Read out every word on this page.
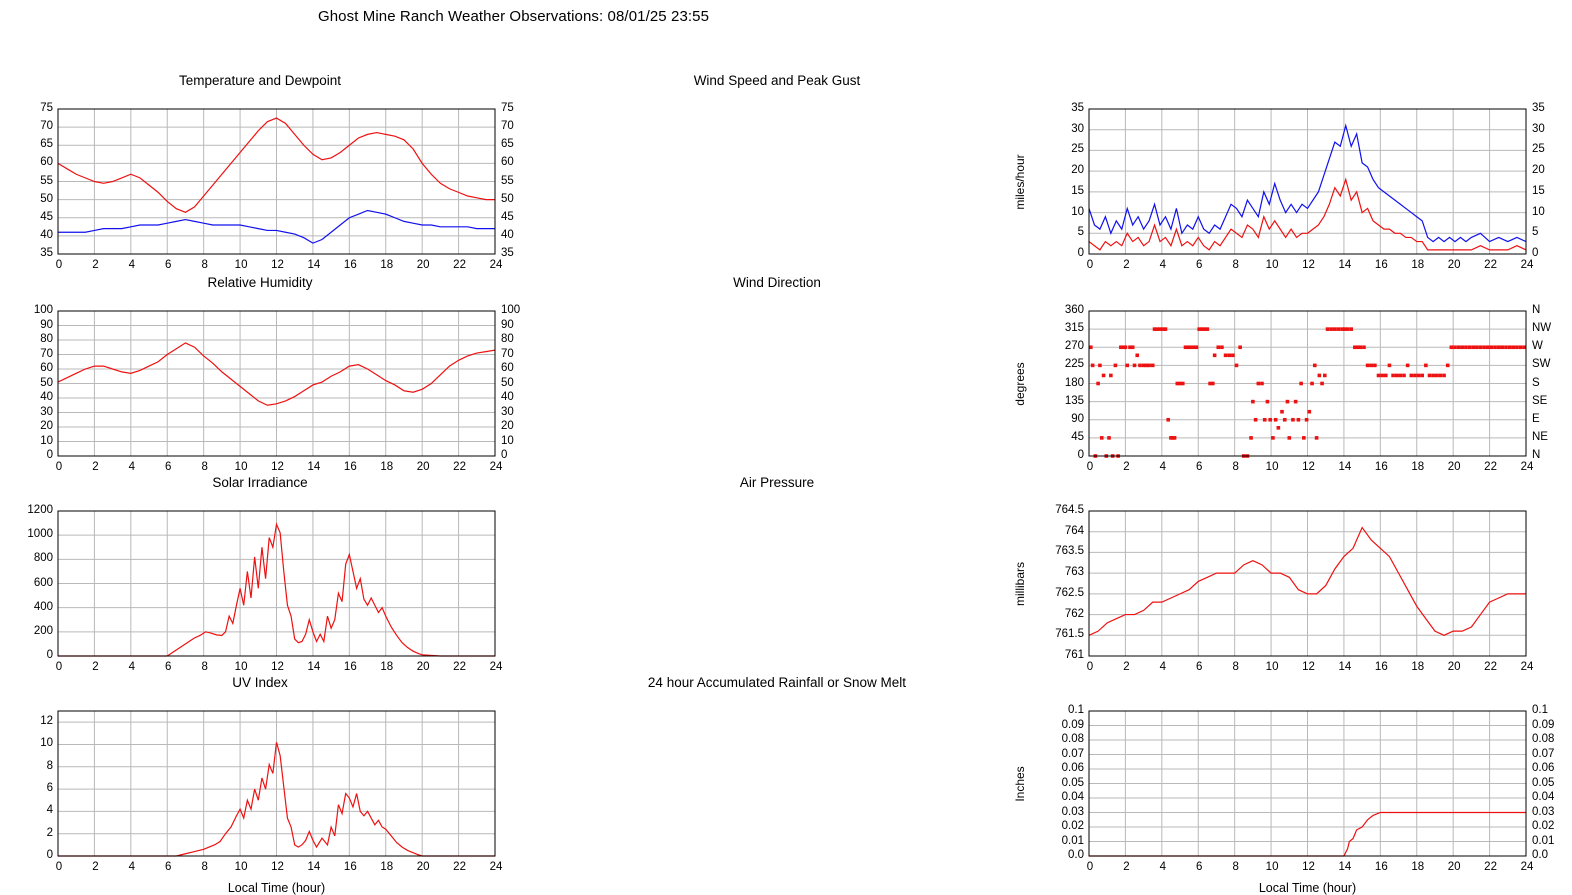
Ghost Mine Ranch Weather Observations: 08/01/25 23:55
Temperature and Dewpoint
35
40
45
50
55
60
65
70
75
35
40
45
50
55
60
65
70
75
0	2	4	6	8	10	12	14	16	18	20	22	24
Wind Speed and Peak Gust
0
5
10
15
20
25
30
35
0
5
10
15
20
25
30
35
0	2	4	6	8	10	12	14	16	18	20	22	24
miles/hour
Relative Humidity
0
10
20
30
40
50
60
70
80
90
100
0
10
20
30
40
50
60
70
80
90
100
0	2	4	6	8	10	12	14	16	18	20	22	24
Wind Direction
0
45
90
135
180
225
270
315
360
N
NE
E
SE
S
SW
W
NW
N
0	2	4	6	8	10	12	14	16	18	20	22	24
degrees
Solar Irradiance
0
200
400
600
800
1000
1200
0	2	4	6	8	10	12	14	16	18	20	22	24
Air Pressure
761
761.5
762
762.5
763
763.5
764
764.5
0	2	4	6	8	10	12	14	16	18	20	22	24
millibars
UV Index
0
2
4
6
8
10
12
0	2	4	6	8	10	12	14	16	18	20	22	24
Local Time (hour)
24 hour Accumulated Rainfall or Snow Melt
0.0
0.01
0.02
0.03
0.04
0.05
0.06
0.07
0.08
0.09
0.1
0.0
0.01
0.02
0.03
0.04
0.05
0.06
0.07
0.08
0.09
0.1
0	2	4	6	8	10	12	14	16	18	20	22	24
Inches
Local Time (hour)
